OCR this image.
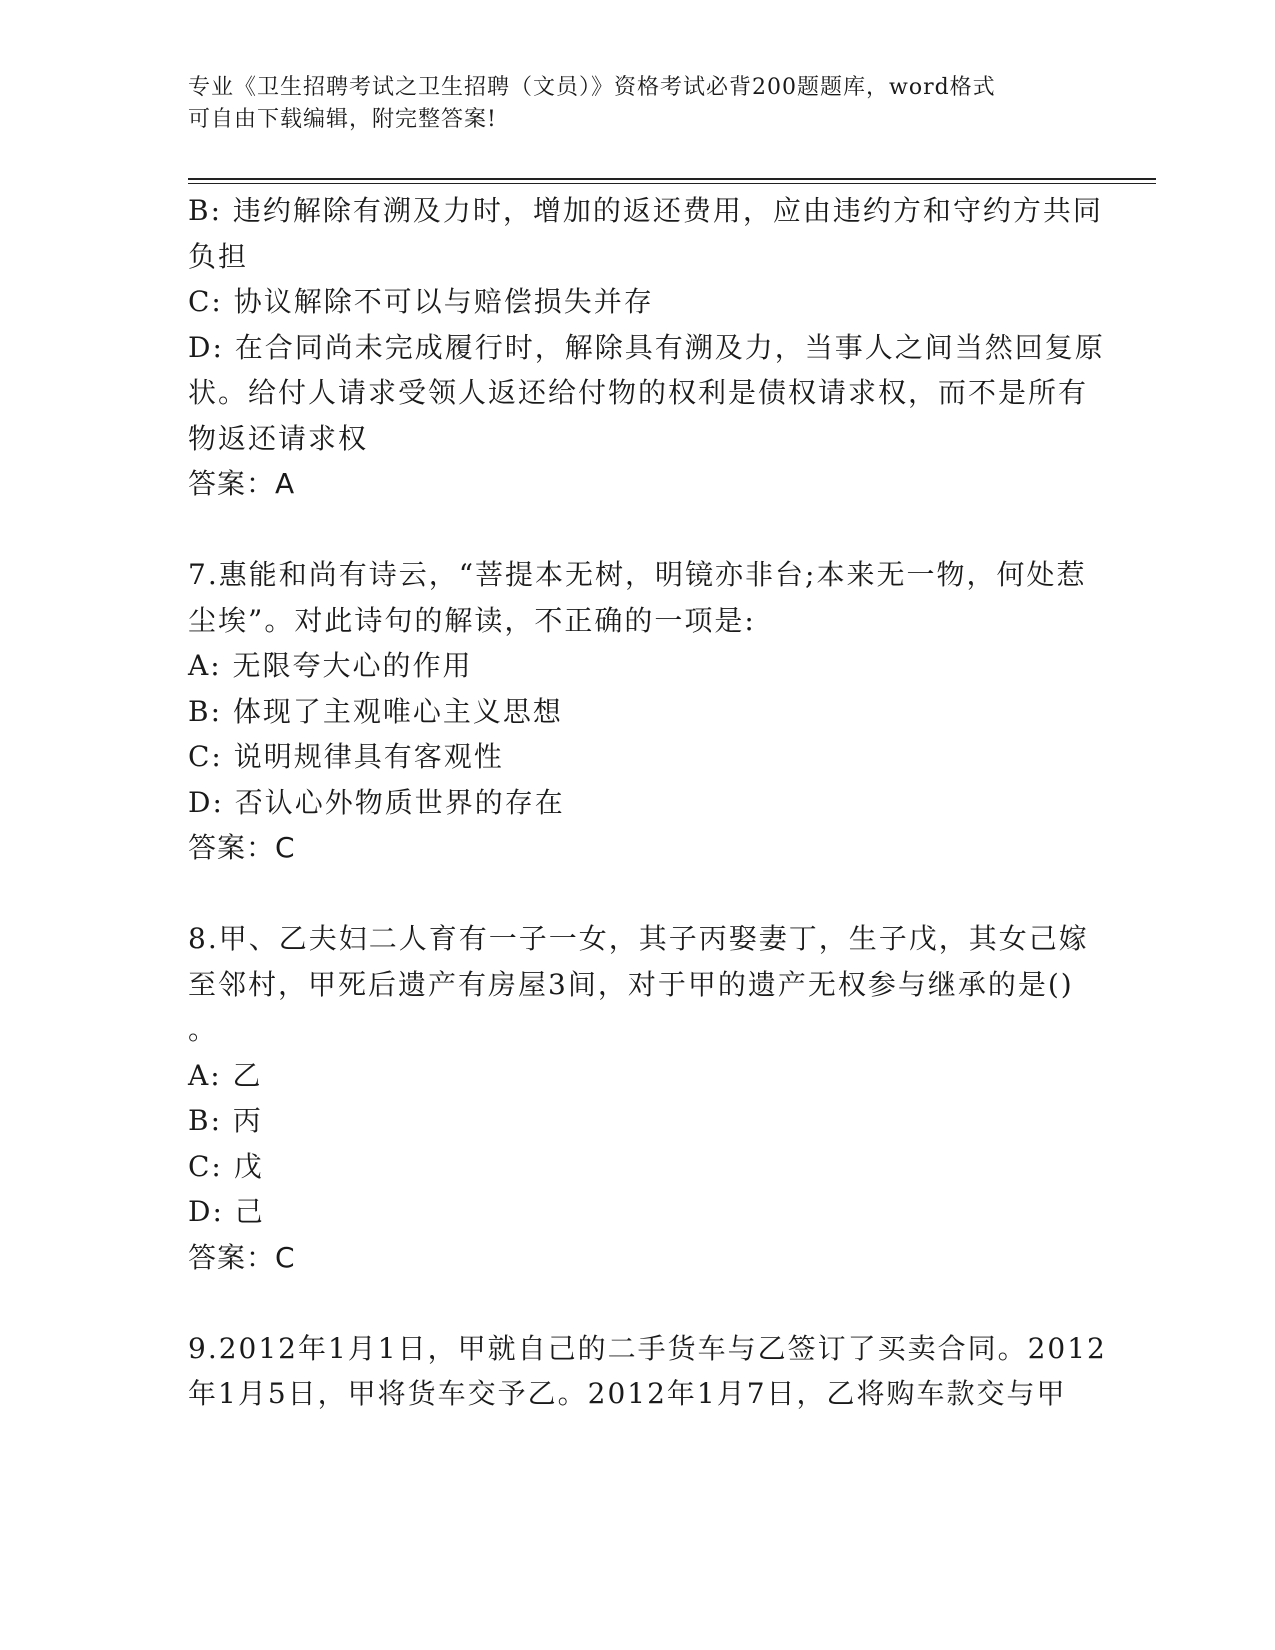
专业《卫生招聘考试之卫生招聘（文员）》资格考试必背200题题库，word格式
可自由下载编辑，附完整答案!
B: 违约解除有溯及力时，增加的返还费用，应由违约方和守约方共同
负担
C: 协议解除不可以与赔偿损失并存
D: 在合同尚未完成履行时，解除具有溯及力，当事人之间当然回复原
状。给付人请求受领人返还给付物的权利是债权请求权，而不是所有
物返还请求权
答案：A
7.惠能和尚有诗云，“菩提本无树，明镜亦非台;本来无一物，何处惹
尘埃”。对此诗句的解读，不正确的一项是:
A: 无限夸大心的作用
B: 体现了主观唯心主义思想
C: 说明规律具有客观性
D: 否认心外物质世界的存在
答案：C
8.甲、乙夫妇二人育有一子一女，其子丙娶妻丁，生子戊，其女己嫁
至邻村，甲死后遗产有房屋3间，对于甲的遗产无权参与继承的是()
。
A: 乙
B: 丙
C: 戊
D: 己
答案：C
9.2012年1月1日，甲就自己的二手货车与乙签订了买卖合同。2012
年1月5日，甲将货车交予乙。2012年1月7日，乙将购车款交与甲
